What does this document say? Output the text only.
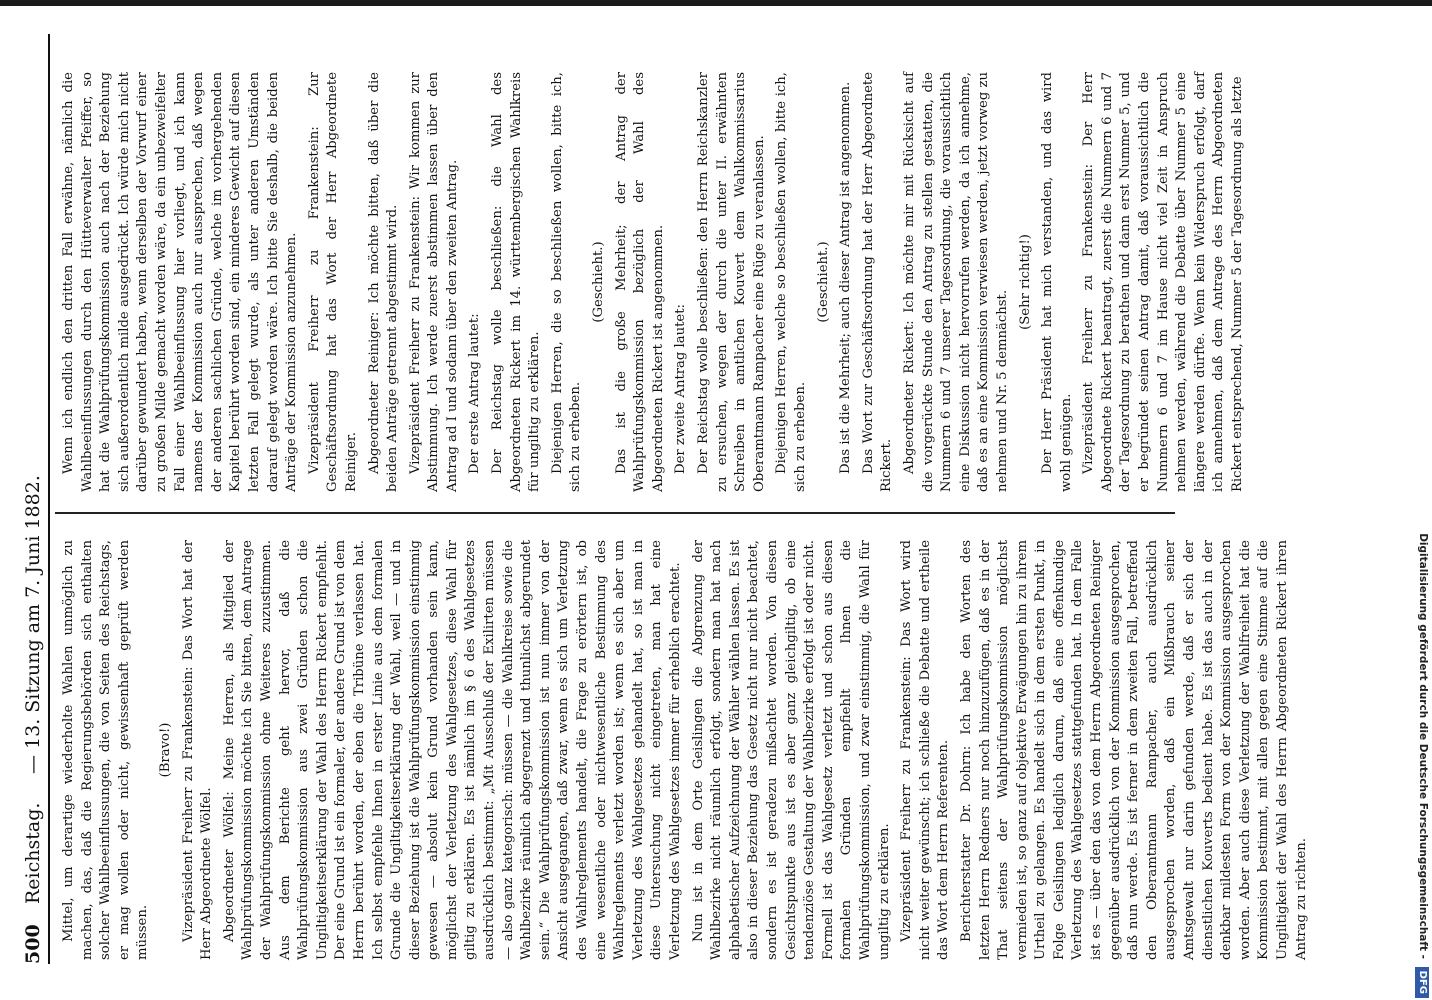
500
Reichstag.
— 13. Sitzung am 7. Juni 1882. Mittel, um derartige wiederholte Wahlen unmöglich zu machen, das, daß die Regierungsbehörden sich enthalten solcher Wahlbeeinflussungen, die von Seiten des Reichstags, er mag wollen oder nicht, gewissenhaft geprüft werden müssen.

(Bravo!) Vizepräsident Freiherr zu Frankenstein: Das Wort hat der Herr Abgeordnete Wölfel. Abgeordneter Wölfel: Meine Herren, als Mitglied der Wahlprüfungskommission möchte ich Sie bitten, dem Antrage der Wahlprüfungskommission ohne Weiteres zuzustimmen. Aus dem Berichte geht hervor, daß die Wahlprüfungskommission aus zwei Gründen schon die Ungiltigkeitserklärung der Wahl des Herrn Rickert empfiehlt. Der eine Grund ist ein formaler, der andere Grund ist von dem Herrn berührt worden, der eben die Tribüne verlassen hat. Ich selbst empfehle Ihnen in erster Linie aus dem formalen Grunde die Ungiltigkeitserklärung der Wahl, weil — und in dieser Beziehung ist die Wahlprüfungskommission einstimmig gewesen — absolut kein Grund vorhanden sein kann, möglichst der Verletzung des Wahlgesetzes, diese Wahl für giltig zu erklären. Es ist nämlich im § 6 des Wahlgesetzes ausdrücklich bestimmt: „Mit Ausschluß der Exilirten müssen — also ganz kategorisch: müssen — die Wahlkreise sowie die Wahlbezirke räumlich abgegrenzt und thunlichst abgerundet sein.“ Die Wahlprüfungskommission ist nun immer von der Ansicht ausgegangen, daß zwar, wenn es sich um Verletzung des Wahlreglements handelt, die Frage zu erörtern ist, ob eine wesentliche oder nichtwesentliche Bestimmung des Wahlreglements verletzt worden ist; wenn es sich aber um Verletzung des Wahlgesetzes gehandelt hat, so ist man in diese Untersuchung nicht eingetreten, man hat eine Verletzung des Wahlgesetzes immer für erheblich erachtet. Nun ist in dem Orte Geislingen die Abgrenzung der Wahlbezirke nicht räumlich erfolgt, sondern man hat nach alphabetischer Aufzeichnung der Wähler wählen lassen. Es ist also in dieser Beziehung das Gesetz nicht nur nicht beachtet, sondern es ist geradezu mißachtet worden. Von diesen Gesichtspunkte aus ist es aber ganz gleichgiltig, ob eine tendenziöse Gestaltung der Wahlbezirke erfolgt ist oder nicht. Formell ist das Wahlgesetz verletzt und schon aus diesen formalen Gründen empfiehlt Ihnen die Wahlprüfungskommission, und zwar einstimmig, die Wahl für ungiltig zu erklären. Vizepräsident Freiherr zu Frankenstein: Das Wort wird nicht weiter gewünscht; ich schließe die Debatte und ertheile das Wort dem Herrn Referenten. Berichterstatter Dr. Dohrn: Ich habe den Worten des letzten Herrn Redners nur noch hinzuzufügen, daß es in der That seitens der Wahlprüfungskommission möglichst vermieden ist, so ganz auf objektive Erwägungen hin zu ihrem Urtheil zu gelangen. Es handelt sich in dem ersten Punkt, in Folge Geislingen lediglich darum, daß eine offenkundige Verletzung des Wahlgesetzes stattgefunden hat. In dem Falle ist es — über den das von dem Herrn Abgeordneten Reiniger gegenüber ausdrücklich von der Kommission ausgesprochen, daß nun werde. Es ist ferner in dem zweiten Fall, betreffend den Oberamtmann Rampacher, auch ausdrücklich ausgesprochen worden, daß ein Mißbrauch seiner Amtsgewalt nur darin gefunden werde, daß er sich der dienstlichen Kouverts bedient habe. Es ist das auch in der denkbar mildesten Form von der Kommission ausgesprochen worden. Aber auch diese Verletzung der Wahlfreiheit hat die Kommission bestimmt, mit allen gegen eine Stimme auf die Ungiltigkeit der Wahl des Herrn Abgeordneten Rickert ihren Antrag zu richten.

Wenn ich endlich den dritten Fall erwähne, nämlich die Wahlbeeinflussungen durch den Hütteverwalter Pfeiffer, so hat die Wahlprüfungskommission auch nach der Beziehung sich außerordentlich milde ausgedrückt. Ich würde mich nicht darüber gewundert haben, wenn derselben der Vorwurf einer zu großen Milde gemacht worden wäre, da ein unbezweifelter Fall einer Wahlbeeinflussung hier vorliegt, und ich kann namens der Kommission auch nur aussprechen, daß wegen der anderen sachlichen Gründe, welche im vorhergehenden Kapitel berührt worden sind, ein minderes Gewicht auf diesen letzten Fall gelegt wurde, als unter anderen Umständen darauf gelegt worden wäre. Ich bitte Sie deshalb, die beiden Anträge der Kommission anzunehmen. Vizepräsident Freiherr zu Frankenstein: Zur Geschäftsordnung hat das Wort der Herr Abgeordnete Reiniger. Abgeordneter Reiniger: Ich möchte bitten, daß über die beiden Anträge getrennt abgestimmt wird. Vizepräsident Freiherr zu Frankenstein: Wir kommen zur Abstimmung. Ich werde zuerst abstimmen lassen über den Antrag ad I und sodann über den zweiten Antrag. Der erste Antrag lautet: Der Reichstag wolle beschließen: die Wahl des Abgeordneten Rickert im 14. württembergischen Wahlkreis für ungiltig zu erklären. Diejenigen Herren, die so beschließen wollen, bitte ich, sich zu erheben.

(Geschieht.) Das ist die große Mehrheit; der Antrag der Wahlprüfungskommission bezüglich der Wahl des Abgeordneten Rickert ist angenommen. Der zweite Antrag lautet: Der Reichstag wolle beschließen: den Herrn Reichskanzler zu ersuchen, wegen der durch die unter II. erwähnten Schreiben in amtlichen Kouvert dem Wahlkommissarius Oberamtmann Rampacher eine Rüge zu veranlassen. Diejenigen Herren, welche so beschließen wollen, bitte ich, sich zu erheben.

(Geschieht.) Das ist die Mehrheit; auch dieser Antrag ist angenommen. Das Wort zur Geschäftsordnung hat der Herr Abgeordnete Rickert. Abgeordneter Rickert: Ich möchte mir mit Rücksicht auf die vorgerückte Stunde den Antrag zu stellen gestatten, die Nummern 6 und 7 unserer Tagesordnung, die voraussichtlich eine Diskussion nicht hervorrufen werden, da ich annehme, daß es an eine Kommission verwiesen werden, jetzt vorweg zu nehmen und Nr. 5 demnächst.

(Sehr richtig!) Der Herr Präsident hat mich verstanden, und das wird wohl genügen. Vizepräsident Freiherr zu Frankenstein: Der Herr Abgeordnete Rickert beantragt, zuerst die Nummern 6 und 7 der Tagesordnung zu berathen und dann erst Nummer 5, und er begründet seinen Antrag damit, daß voraussichtlich die Nummern 6 und 7 im Hause nicht viel Zeit in Anspruch nehmen werden, während die Debatte über Nummer 5 eine längere werden dürfte. Wenn kein Widerspruch erfolgt, darf ich annehmen, daß dem Antrage des Herrn Abgeordneten Rickert entsprechend, Nummer 5 der Tagesordnung als letzte

Digitalisierung gefördert durch die Deutsche Forschungsgemeinschaft - DFG
